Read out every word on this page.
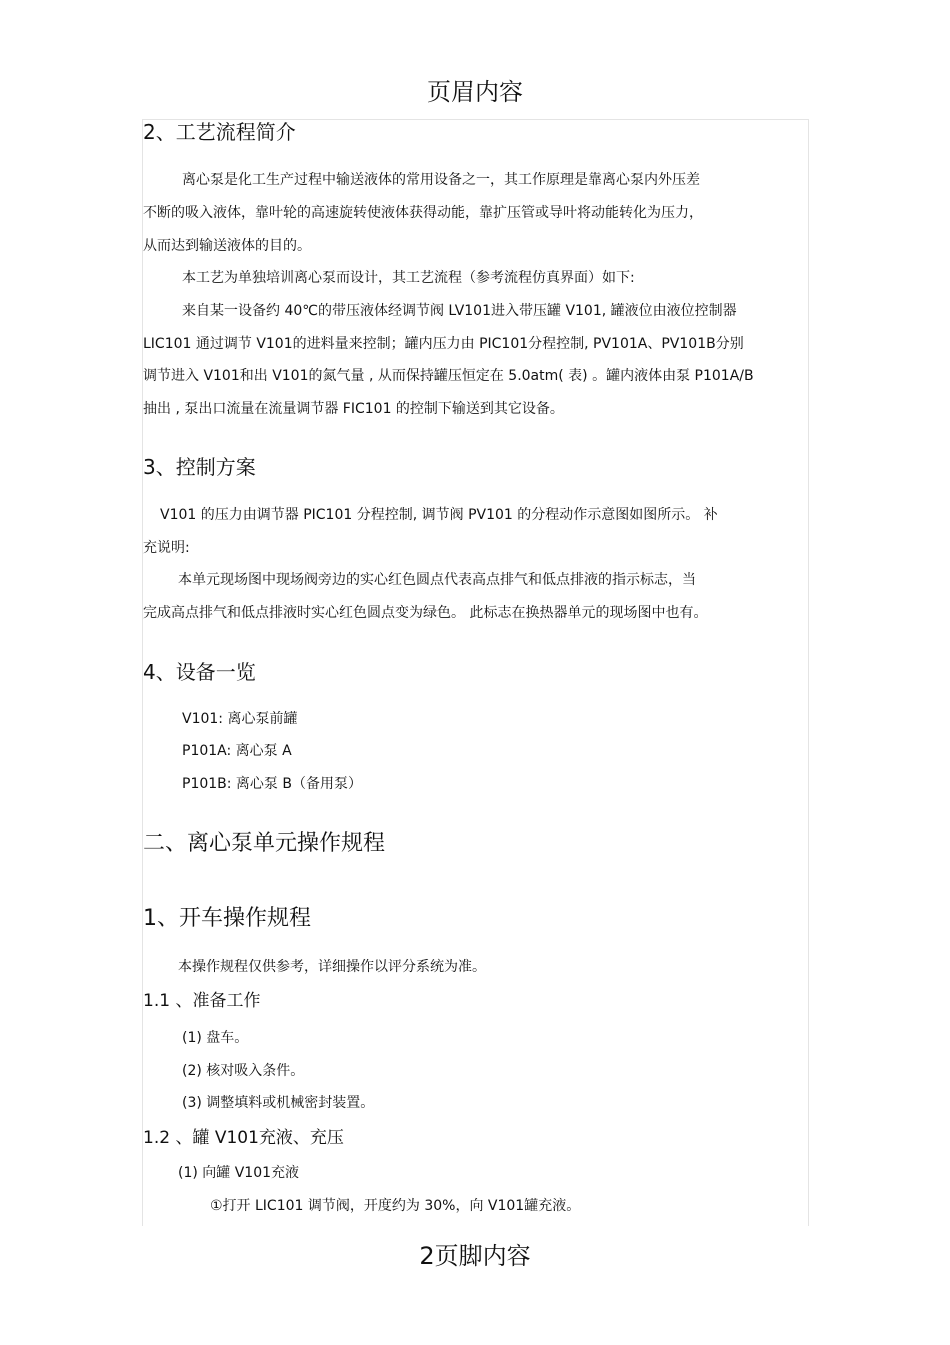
页眉内容
2、工艺流程简介
离心泵是化工生产过程中输送液体的常用设备之一，其工作原理是靠离心泵内外压差
不断的吸入液体，靠叶轮的高速旋转使液体获得动能，靠扩压管或导叶将动能转化为压力，
从而达到输送液体的目的。
本工艺为单独培训离心泵而设计，其工艺流程（参考流程仿真界面）如下:
来自某一设备约 40℃的带压液体经调节阀 LV101进入带压罐 V101, 罐液位由液位控制器
LIC101 通过调节 V101的进料量来控制；罐内压力由 PIC101分程控制, PV101A、PV101B分别
调节进入 V101和出 V101的氮气量 , 从而保持罐压恒定在 5.0atm( 表) 。罐内液体由泵 P101A/B
抽出 , 泵出口流量在流量调节器 FIC101 的控制下输送到其它设备。
3、控制方案
V101 的压力由调节器 PIC101 分程控制, 调节阀 PV101 的分程动作示意图如图所示。 补
充说明:
本单元现场图中现场阀旁边的实心红色圆点代表高点排气和低点排液的指示标志，当
完成高点排气和低点排液时实心红色圆点变为绿色。 此标志在换热器单元的现场图中也有。
4、设备一览
V101: 离心泵前罐
P101A: 离心泵 A
P101B: 离心泵 B（备用泵）
二、离心泵单元操作规程
1、开车操作规程
本操作规程仅供参考，详细操作以评分系统为准。
1.1 、准备工作
(1) 盘车。
(2) 核对吸入条件。
(3) 调整填料或机械密封装置。
1.2 、罐 V101充液、充压
(1) 向罐 V101充液
①打开 LIC101 调节阀，开度约为 30%，向 V101罐充液。
2页脚内容
